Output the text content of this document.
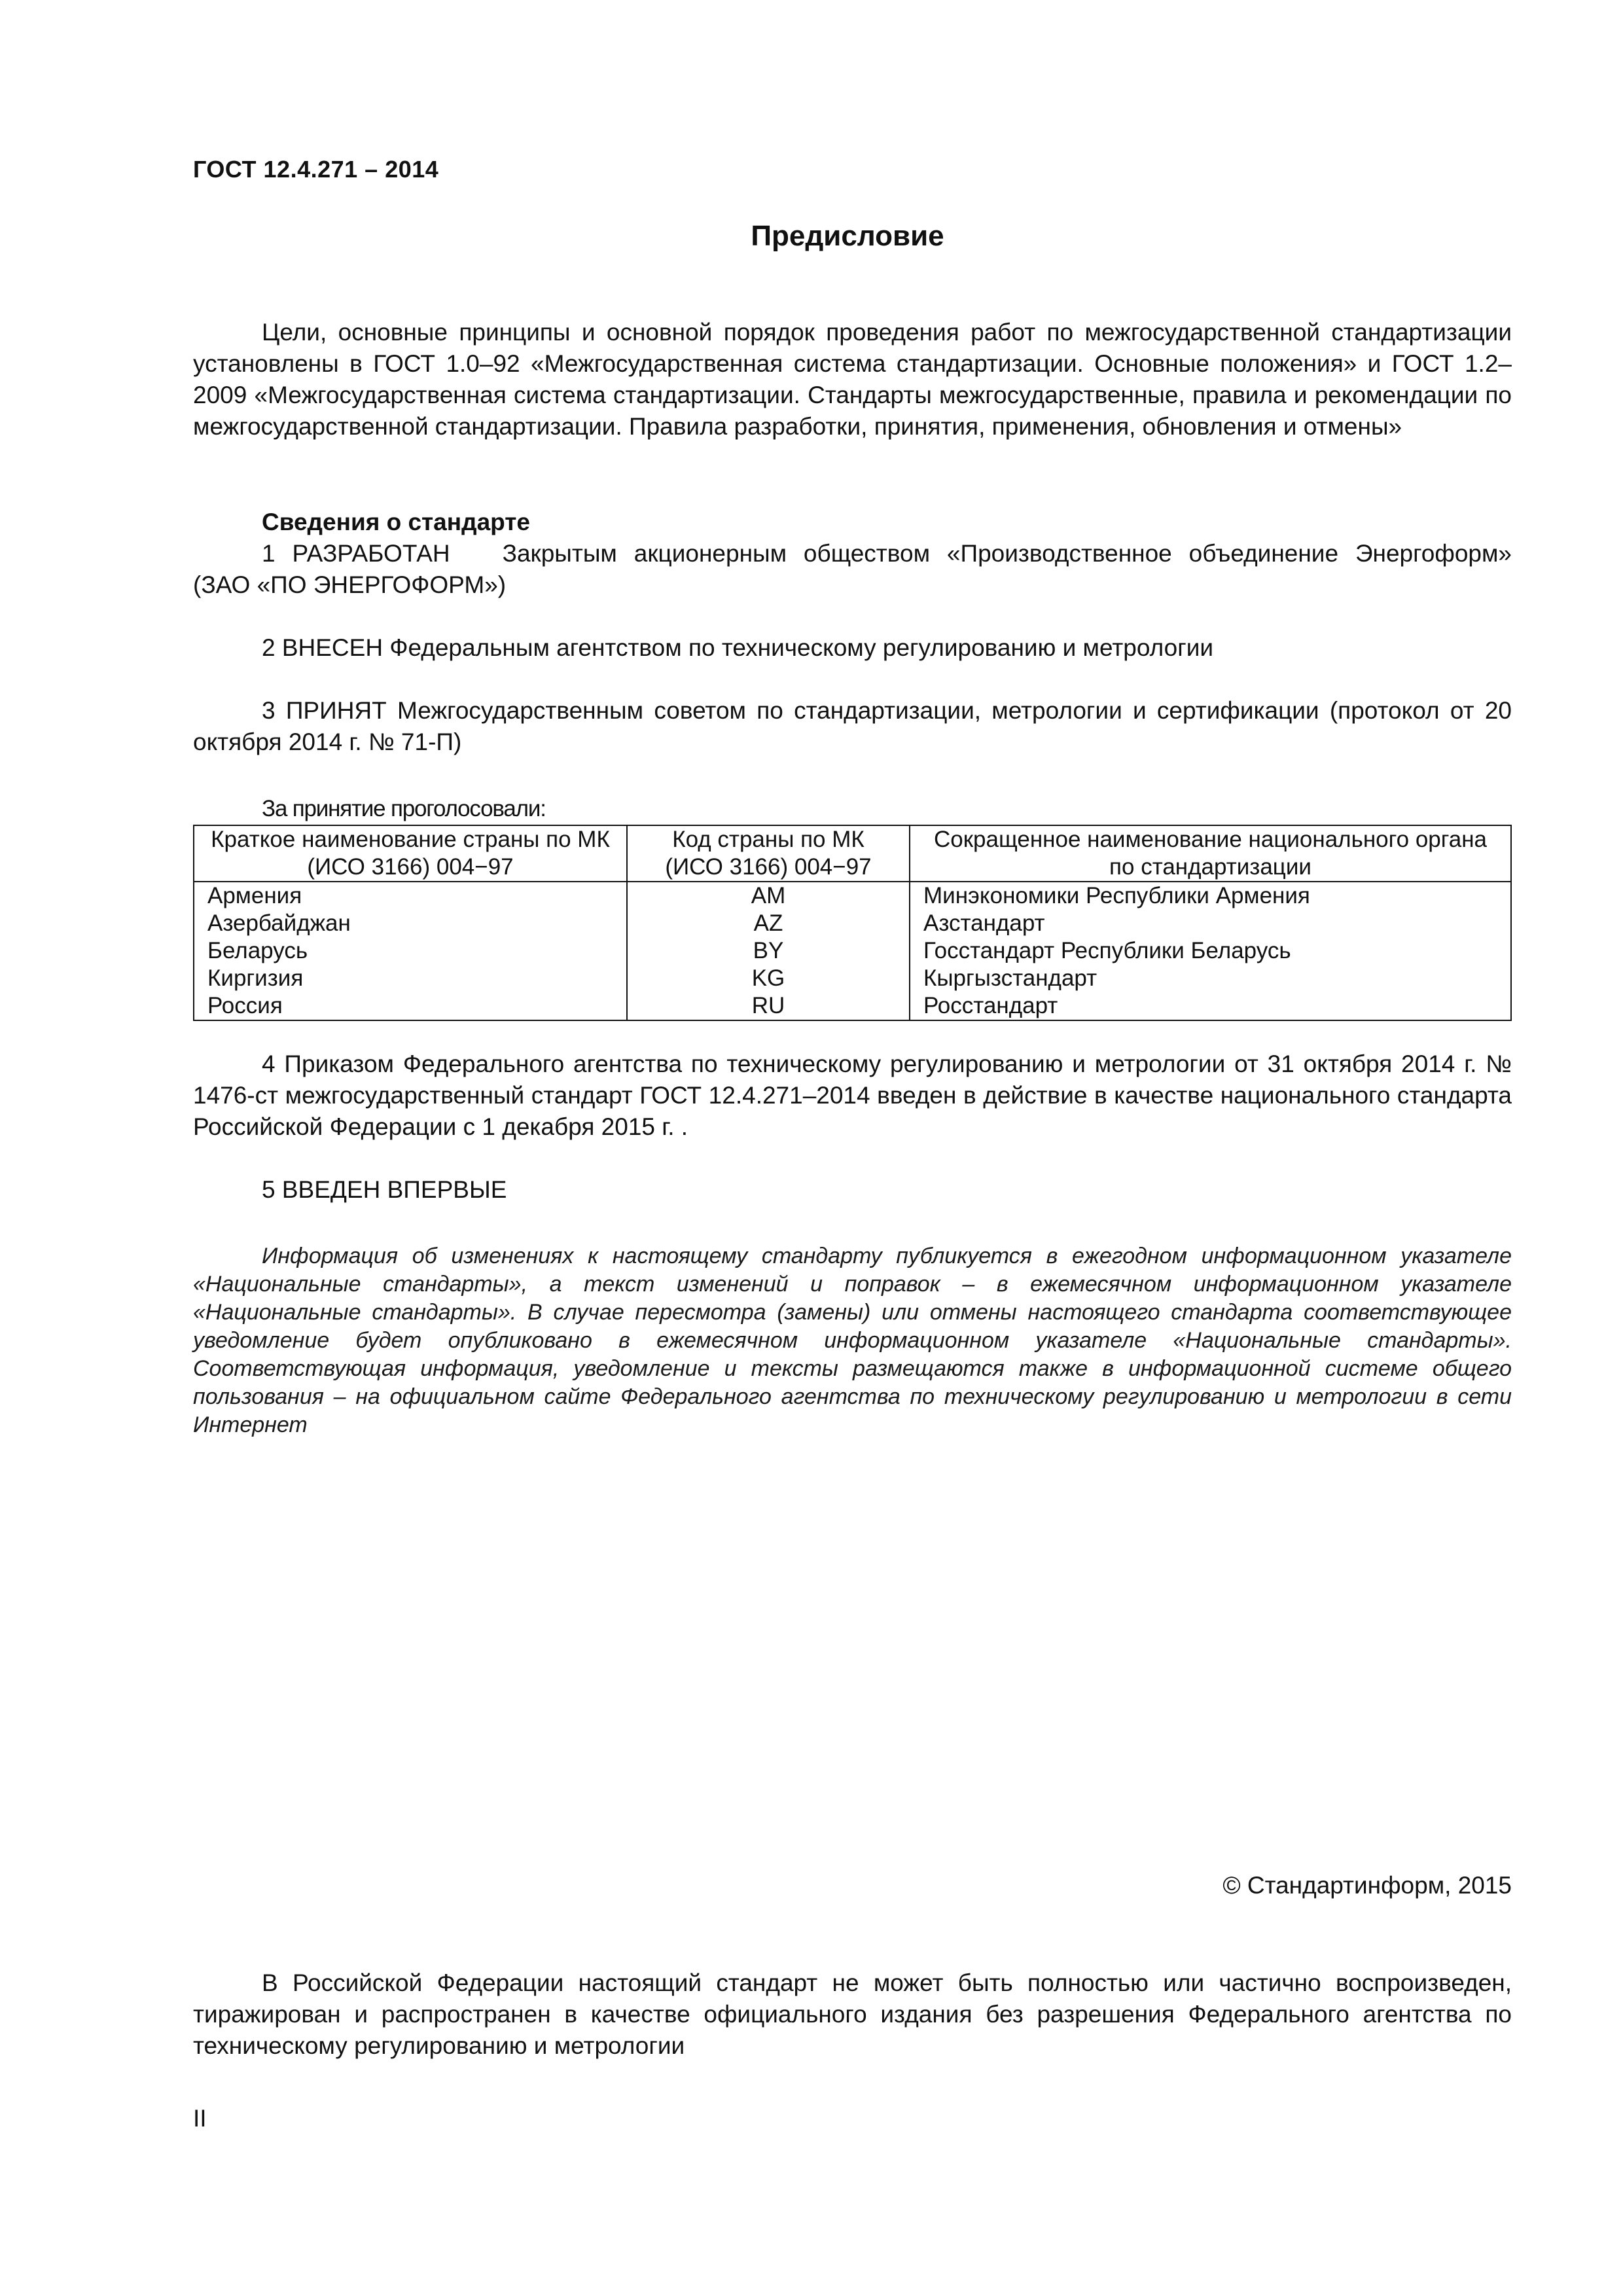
ГОСТ 12.4.271 – 2014
Предисловие
Цели, основные принципы и основной порядок проведения работ по межгосударственной стандартизации установлены в ГОСТ 1.0–92 «Межгосударственная система стандартизации. Основные положения» и ГОСТ 1.2–2009 «Межгосударственная система стандартизации. Стандарты межгосударственные, правила и рекомендации по межгосударственной стандартизации. Правила разработки, принятия, применения, обновления и отмены»
Сведения о стандарте
1 РАЗРАБОТАН Закрытым акционерным обществом «Производственное объединение Энергоформ» (ЗАО «ПО ЭНЕРГОФОРМ»)
2 ВНЕСЕН Федеральным агентством по техническому регулированию и метрологии
3 ПРИНЯТ Межгосударственным советом по стандартизации, метрологии и сертификации (протокол от 20 октября 2014 г. № 71-П)
За принятие проголосовали:
Краткое наименование страны по МК (ИСО 3166) 004−97	Код страны по МК (ИСО 3166) 004−97	Сокращенное наименование национального органа по стандартизации
Армения	AM	Минэкономики Республики Армения
Азербайджан	AZ	Азстандарт
Беларусь	BY	Госстандарт Республики Беларусь
Киргизия	KG	Кыргызстандарт
Россия	RU	Росстандарт
4 Приказом Федерального агентства по техническому регулированию и метрологии от 31 октября 2014 г. № 1476-ст межгосударственный стандарт ГОСТ 12.4.271–2014 введен в действие в качестве национального стандарта Российской Федерации с 1 декабря 2015 г. .
5 ВВЕДЕН ВПЕРВЫЕ
Информация об изменениях к настоящему стандарту публикуется в ежегодном информационном указателе «Национальные стандарты», а текст изменений и поправок – в ежемесячном информационном указателе «Национальные стандарты». В случае пересмотра (замены) или отмены настоящего стандарта соответствующее уведомление будет опубликовано в ежемесячном информационном указателе «Национальные стандарты». Соответствующая информация, уведомление и тексты размещаются также в информационной системе общего пользования – на официальном сайте Федерального агентства по техническому регулированию и метрологии в сети Интернет
© Стандартинформ, 2015
В Российской Федерации настоящий стандарт не может быть полностью или частично воспроизведен, тиражирован и распространен в качестве официального издания без разрешения Федерального агентства по техническому регулированию и метрологии
II
